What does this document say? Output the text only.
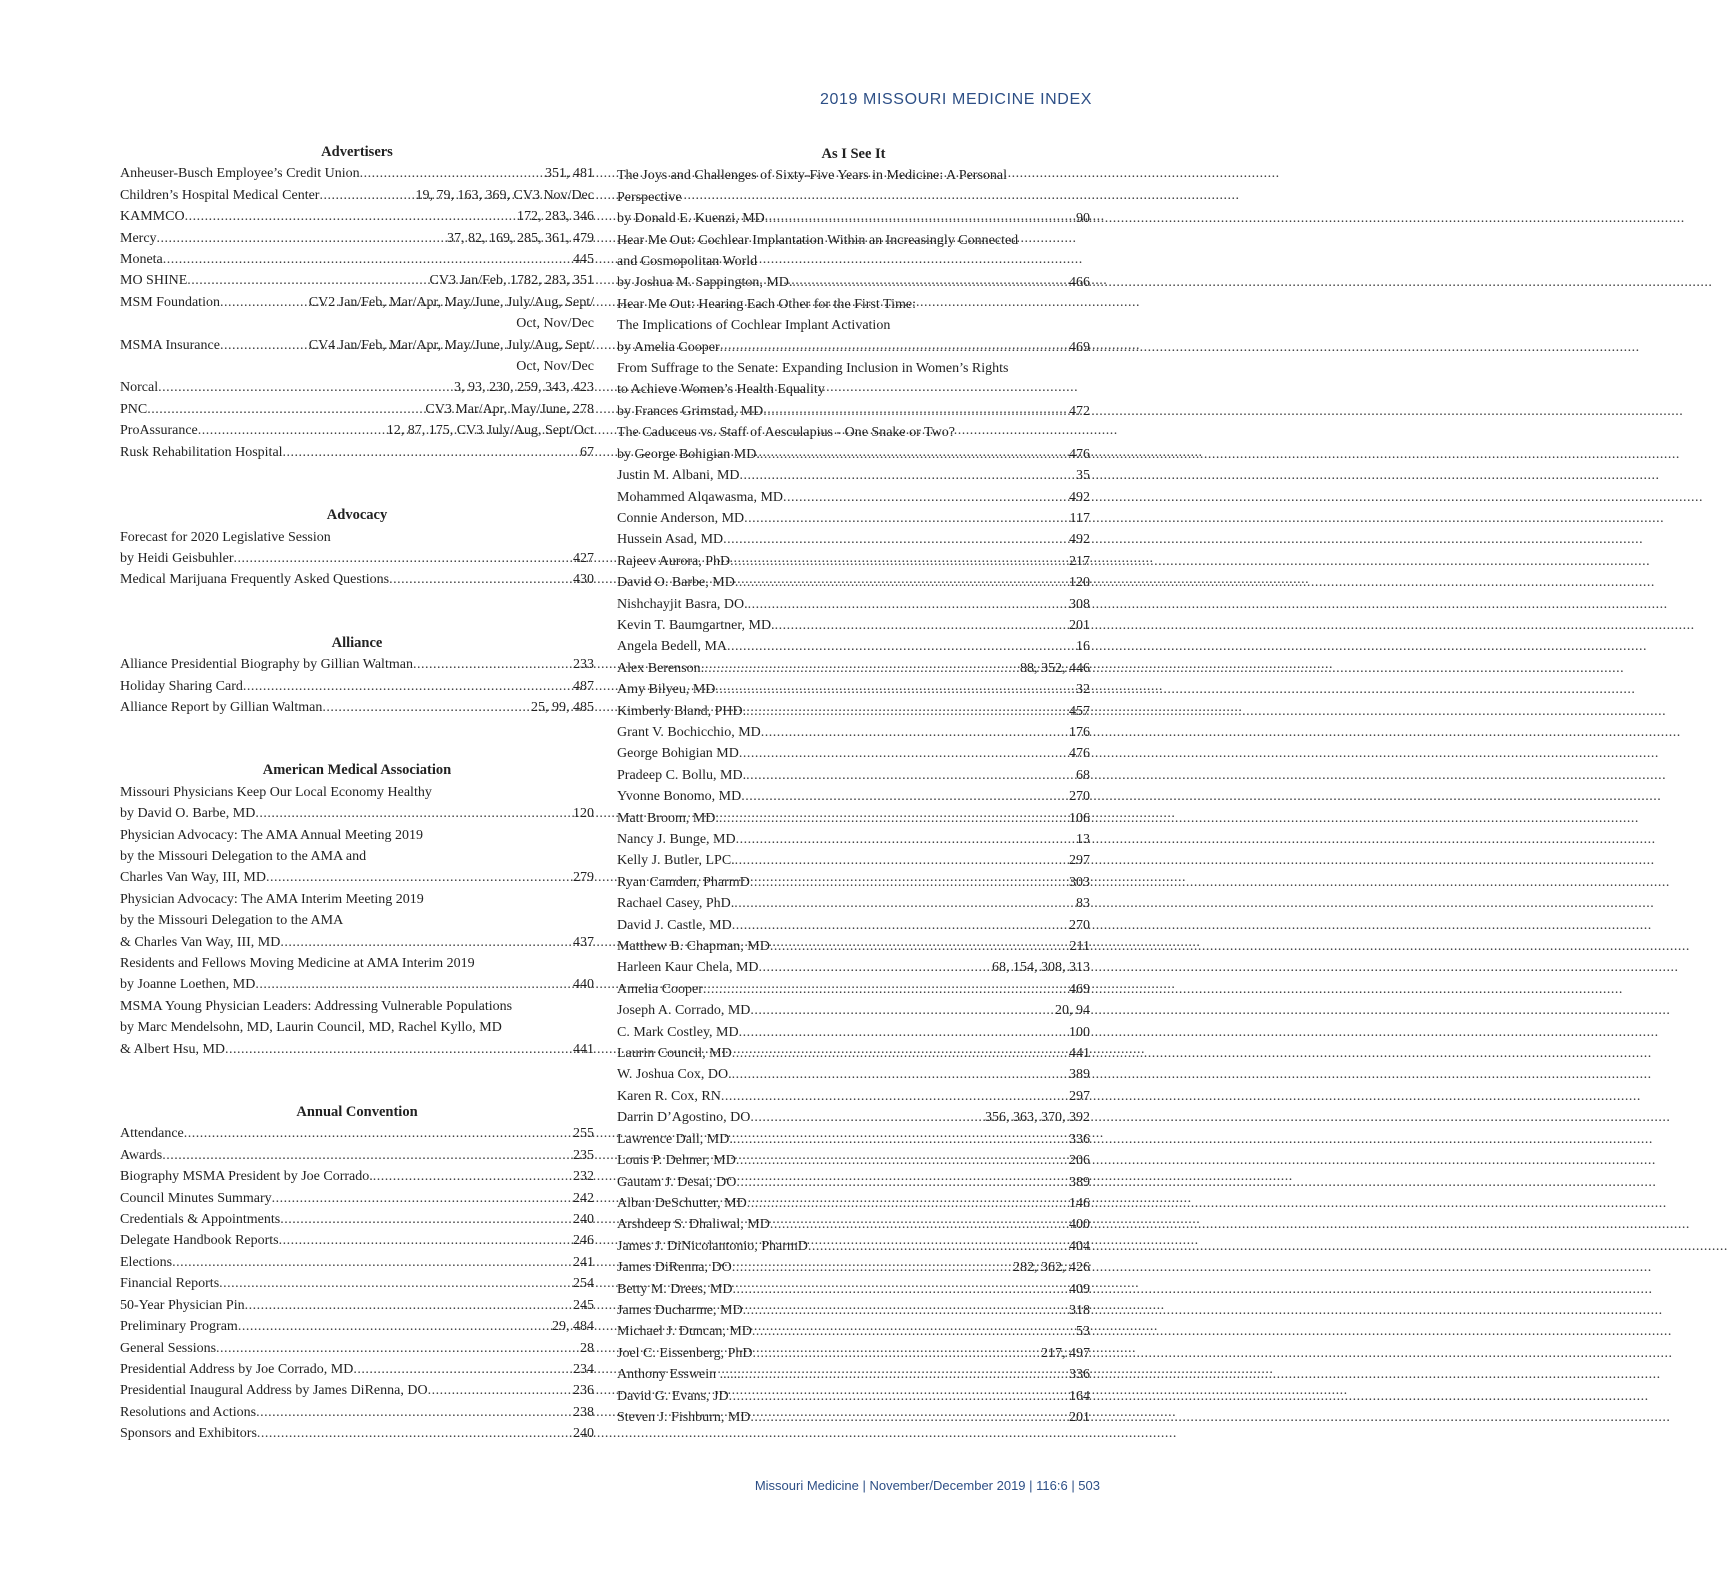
2019 MISSOURI MEDICINE INDEX
Advertisers
Anheuser-Busch Employee’s Credit Union .....	351, 481
Children’s Hospital Medical Center .....	19, 79, 163, 369, CV3 Nov/Dec
KAMMCO .....	172, 283, 346
Mercy .....	37, 82, 169, 285, 361, 479
Moneta .....	445
MO SHINE .....	CV3 Jan/Feb, 1782, 283, 351
MSM Foundation .....	CV2 Jan/Feb, Mar/Apr, May/June, July/Aug, Sept/
Oct, Nov/Dec
MSMA Insurance .....	CV4 Jan/Feb, Mar/Apr, May/June, July/Aug, Sept/
Oct, Nov/Dec
Norcal .....	3, 93, 230, 259, 343, 423
PNC .....	CV3 Mar/Apr, May/June, 278
ProAssurance .....	12, 87, 175, CV3 July/Aug, Sept/Oct
Rusk Rehabilitation Hospital .....	67
Advocacy
Forecast for 2020 Legislative Session
by Heidi Geisbuhler .....	427
Medical Marijuana Frequently Asked Questions .....	430
Alliance
Alliance Presidential Biography by Gillian Waltman .....	233
Holiday Sharing Card .....	487
Alliance Report by Gillian Waltman .....	25, 99, 485
American Medical Association
Missouri Physicians Keep Our Local Economy Healthy
by David O. Barbe, MD .....	120
Physician Advocacy: The AMA Annual Meeting 2019
by the Missouri Delegation to the AMA and
Charles Van Way, III, MD .....	279
Physician Advocacy: The AMA Interim Meeting 2019
by the Missouri Delegation to the AMA
& Charles Van Way, III, MD .....	437
Residents and Fellows Moving Medicine at AMA Interim 2019
by Joanne Loethen, MD .....	440
MSMA Young Physician Leaders: Addressing Vulnerable Populations
by Marc Mendelsohn, MD, Laurin Council, MD, Rachel Kyllo, MD
& Albert Hsu, MD .....	441
Annual Convention
Attendance .....	255
Awards .....	235
Biography MSMA President by Joe Corrado. .....	232
Council Minutes Summary .....	242
Credentials & Appointments .....	240
Delegate Handbook Reports .....	246
Elections .....	241
Financial Reports .....	254
50-Year Physician Pin .....	245
Preliminary Program .....	29, 484
General Sessions .....	28
Presidential Address by Joe Corrado, MD .....	234
Presidential Inaugural Address by James DiRenna, DO .....	236
Resolutions and Actions .....	238
Sponsors and Exhibitors .....	240
As I See It
The Joys and Challenges of Sixty-Five Years in Medicine: A Personal
Perspective
by Donald E. Kuenzi, MD .....	90
Hear Me Out: Cochlear Implantation Within an Increasingly Connected
and Cosmopolitan World
by Joshua M. Sappington, MD. .....	466
Hear Me Out: Hearing Each Other for the First Time:
The Implications of Cochlear Implant Activation
by Amelia Cooper .....	469
From Suffrage to the Senate: Expanding Inclusion in Women’s Rights
to Achieve Women’s Health Equality
by Frances Grimstad, MD .....	472
The Caduceus vs. Staff of Aesculapius - One Snake or Two?
by George Bohigian MD. .....	476
Justin M. Albani, MD .....	35
Mohammed Alqawasma, MD .....	492
Connie Anderson, MD .....	117
Hussein Asad, MD .....	492
Rajeev Aurora, PhD .....	217
David O. Barbe, MD .....	120
Nishchayjit Basra, DO. .....	308
Kevin T. Baumgartner, MD. .....	201
Angela Bedell, MA .....	16
Alex Berenson. .....	88, 352, 446
Amy Bilyeu, MD .....	32
Kimberly Bland, PHD. .....	457
Grant V. Bochicchio, MD .....	176
George Bohigian MD .....	476
Pradeep C. Bollu, MD. .....	68
Yvonne Bonomo, MD .....	270
Matt Broom, MD. .....	106
Nancy J. Bunge, MD .....	13
Kelly J. Butler, LPC. .....	297
Ryan Camden, PharmD .....	303
Rachael Casey, PhD. .....	83
David J. Castle, MD .....	270
Matthew B. Chapman, MD .....	211
Harleen Kaur Chela, MD .....	68, 154, 308, 313
Amelia Cooper .....	469
Joseph A. Corrado, MD .....	20, 94
C. Mark Costley, MD .....	100
Laurin Council, MD .....	441
W. Joshua Cox, DO. .....	389
Karen R. Cox, RN .....	297
Darrin D’Agostino, DO .....	356, 363, 370, 392
Lawrence Dall, MD. .....	336
Louis P. Dehner, MD .....	206
Gautam J. Desai, DO .....	389
Alban DeSchutter, MD .....	146
Arshdeep S. Dhaliwal, MD .....	400
James J. DiNicolantonio, PharmD .....	404
James DiRenna, DO .....	282, 362, 426
Betty M. Drees, MD .....	409
James Ducharme, MD .....	318
Michael J. Duncan, MD .....	53
Joel C. Eissenberg, PhD .....	217, 497
Anthony Esswein ...... .....	336
David G. Evans, JD .....	164
Steven J. Fishburn, MD .....	201
Missouri Medicine | November/December 2019 | 116:6 | 503
